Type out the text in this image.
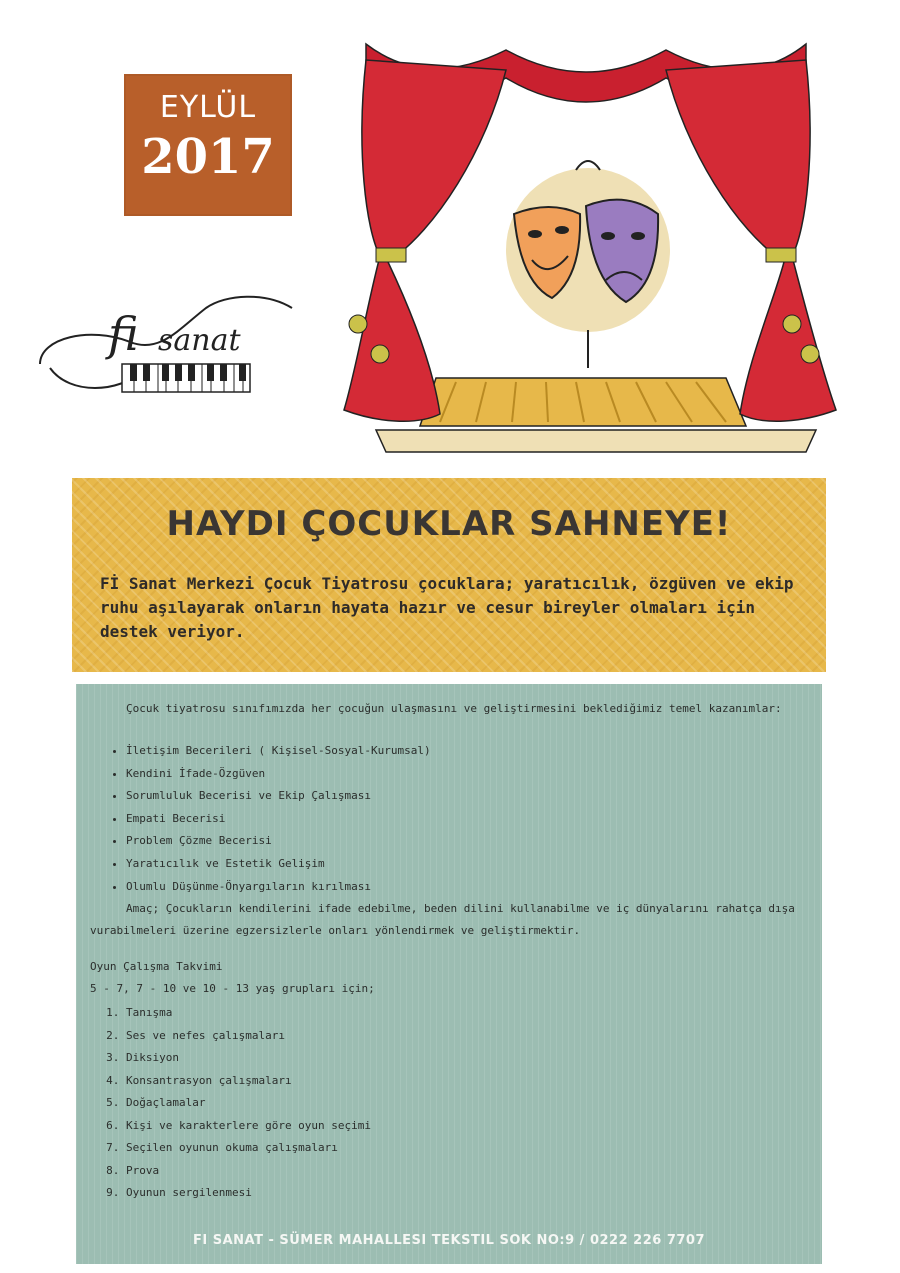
EYLÜL
2017
fi sanat
HAYDI ÇOCUKLAR SAHNEYE!
Fİ Sanat Merkezi Çocuk Tiyatrosu çocuklara; yaratıcılık, özgüven ve ekip ruhu aşılayarak onların hayata hazır ve cesur bireyler olmaları için destek veriyor.
Çocuk tiyatrosu sınıfımızda her çocuğun ulaşmasını ve geliştirmesini beklediğimiz temel kazanımlar:
• İletişim Becerileri ( Kişisel-Sosyal-Kurumsal)
• Kendini İfade-Özgüven
• Sorumluluk Becerisi ve Ekip Çalışması
• Empati Becerisi
• Problem Çözme Becerisi
• Yaratıcılık ve Estetik Gelişim
• Olumlu Düşünme-Önyargıların kırılması
Amaç; Çocukların kendilerini ifade edebilme, beden dilini kullanabilme ve iç dünyalarını rahatça dışa vurabilmeleri üzerine egzersizlerle onları yönlendirmek ve geliştirmektir.
Oyun Çalışma Takvimi
5 - 7, 7 - 10 ve 10 - 13 yaş grupları için;
1. Tanışma
2. Ses ve nefes çalışmaları
3. Diksiyon
4. Konsantrasyon çalışmaları
5. Doğaçlamalar
6. Kişi ve karakterlere göre oyun seçimi
7. Seçilen oyunun okuma çalışmaları
8. Prova
9. Oyunun sergilenmesi
FI SANAT - SÜMER MAHALLESI TEKSTIL SOK NO:9 / 0222 226 7707
